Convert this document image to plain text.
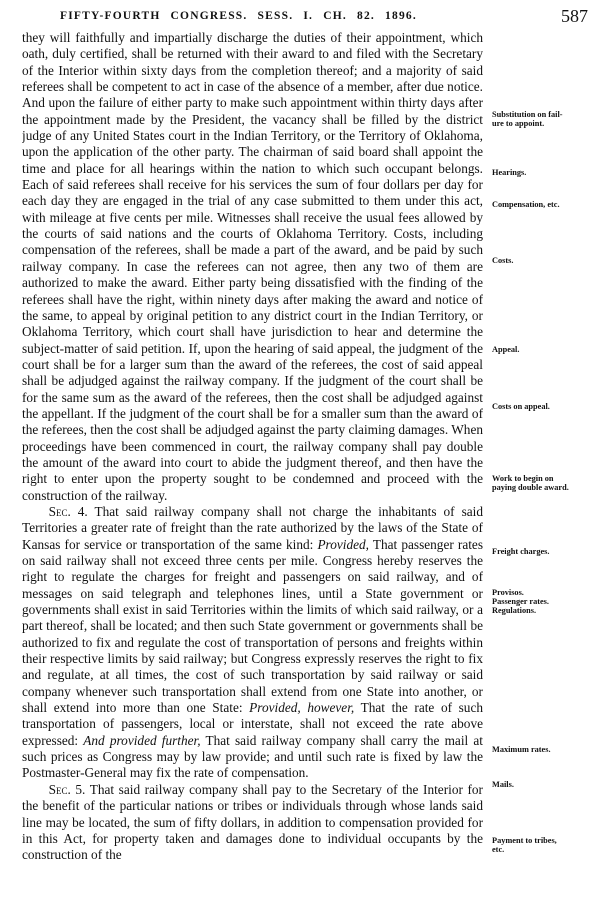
FIFTY-FOURTH CONGRESS. SESS. I. CH. 82. 1896.	587

they will faithfully and impartially discharge the duties of their appointment, which oath, duly certified, shall be returned with their award to and filed with the Secretary of the Interior within sixty days from the completion thereof; and a majority of said referees shall be competent to act in case of the absence of a member, after due notice. And upon the failure of either party to make such appointment within thirty days after the appointment made by the President, the vacancy shall be filled by the district judge of any United States court in the Indian Territory, or the Territory of Oklahoma, upon the application of the other party. The chairman of said board shall appoint the time and place for all hearings within the nation to which such occupant belongs. Each of said referees shall receive for his services the sum of four dollars per day for each day they are engaged in the trial of any case submitted to them under this act, with mileage at five cents per mile. Witnesses shall receive the usual fees allowed by the courts of said nations and the courts of Oklahoma Territory. Costs, including compensation of the referees, shall be made a part of the award, and be paid by such railway company. In case the referees can not agree, then any two of them are authorized to make the award. Either party being dissatisfied with the finding of the referees shall have the right, within ninety days after making the award and notice of the same, to appeal by original petition to any district court in the Indian Territory, or Oklahoma Territory, which court shall have jurisdiction to hear and determine the subject-matter of said petition. If, upon the hearing of said appeal, the judgment of the court shall be for a larger sum than the award of the referees, the cost of said appeal shall be adjudged against the railway company. If the judgment of the court shall be for the same sum as the award of the referees, then the cost shall be adjudged against the appellant. If the judgment of the court shall be for a smaller sum than the award of the referees, then the cost shall be adjudged against the party claiming damages. When proceedings have been commenced in court, the railway company shall pay double the amount of the award into court to abide the judgment thereof, and then have the right to enter upon the property sought to be condemned and proceed with the construction of the railway.

Sec. 4. That said railway company shall not charge the inhabitants of said Territories a greater rate of freight than the rate authorized by the laws of the State of Kansas for service or transportation of the same kind: Provided, That passenger rates on said railway shall not exceed three cents per mile. Congress hereby reserves the right to regulate the charges for freight and passengers on said railway, and of messages on said telegraph and telephones lines, until a State government or governments shall exist in said Territories within the limits of which said railway, or a part thereof, shall be located; and then such State government or governments shall be authorized to fix and regulate the cost of transportation of persons and freights within their respective limits by said railway; but Congress expressly reserves the right to fix and regulate, at all times, the cost of such transportation by said railway or said company whenever such transportation shall extend from one State into another, or shall extend into more than one State: Provided, however, That the rate of such transportation of passengers, local or interstate, shall not exceed the rate above expressed: And provided further, That said railway company shall carry the mail at such prices as Congress may by law provide; and until such rate is fixed by law the Postmaster-General may fix the rate of compensation.

Sec. 5. That said railway company shall pay to the Secretary of the Interior for the benefit of the particular nations or tribes or individuals through whose lands said line may be located, the sum of fifty dollars, in addition to compensation provided for in this Act, for property taken and damages done to individual occupants by the construction of the

Substitution on fail-
ure to appoint.
Hearings.
Compensation, etc.
Costs.
Appeal.
Costs on appeal.
Work to begin on
paying double award.
Freight charges.
Provisos.
Passenger rates.
Regulations.
Maximum rates.
Mails.
Payment to tribes,
etc.
